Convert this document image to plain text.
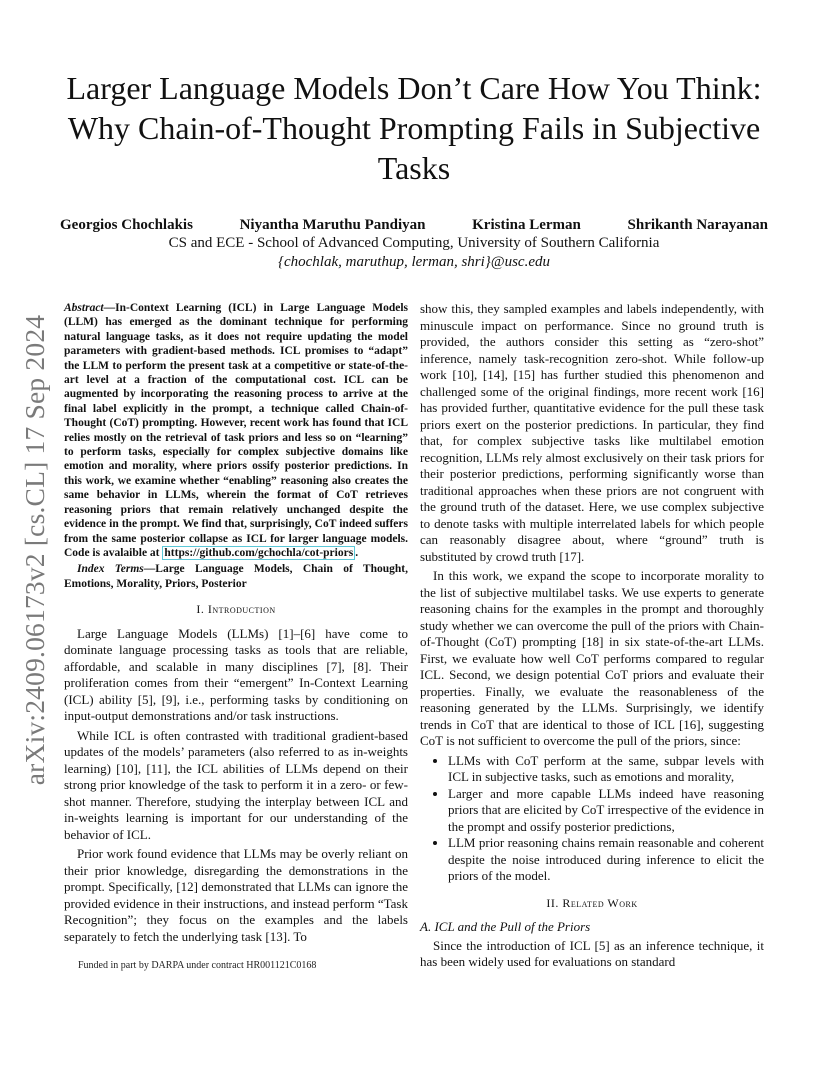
arXiv:2409.06173v2 [cs.CL] 17 Sep 2024
Larger Language Models Don’t Care How You Think: Why Chain-of-Thought Prompting Fails in Subjective Tasks
Georgios Chochlakis	Niyantha Maruthu Pandiyan	Kristina Lerman	Shrikanth Narayanan
CS and ECE - School of Advanced Computing, University of Southern California
{chochlak, maruthup, lerman, shri}@usc.edu
Abstract—In-Context Learning (ICL) in Large Language Models (LLM) has emerged as the dominant technique for performing natural language tasks, as it does not require updating the model parameters with gradient-based methods. ICL promises to “adapt” the LLM to perform the present task at a competitive or state-of-the-art level at a fraction of the computational cost. ICL can be augmented by incorporating the reasoning process to arrive at the final label explicitly in the prompt, a technique called Chain-of-Thought (CoT) prompting. However, recent work has found that ICL relies mostly on the retrieval of task priors and less so on “learning” to perform tasks, especially for complex subjective domains like emotion and morality, where priors ossify posterior predictions. In this work, we examine whether “enabling” reasoning also creates the same behavior in LLMs, wherein the format of CoT retrieves reasoning priors that remain relatively unchanged despite the evidence in the prompt. We find that, surprisingly, CoT indeed suffers from the same posterior collapse as ICL for larger language models. Code is avalaible at https://github.com/gchochla/cot-priors .
Index Terms—Large Language Models, Chain of Thought, Emotions, Morality, Priors, Posterior
I. Introduction

Large Language Models (LLMs) [1]–[6] have come to dominate language processing tasks as tools that are reliable, affordable, and scalable in many disciplines [7], [8]. Their proliferation comes from their “emergent” In-Context Learning (ICL) ability [5], [9], i.e., performing tasks by conditioning on input-output demonstrations and/or task instructions.

While ICL is often contrasted with traditional gradient-based updates of the models’ parameters (also referred to as in-weights learning) [10], [11], the ICL abilities of LLMs depend on their strong prior knowledge of the task to perform it in a zero- or few-shot manner. Therefore, studying the interplay between ICL and in-weights learning is important for our understanding of the behavior of ICL.

Prior work found evidence that LLMs may be overly reliant on their prior knowledge, disregarding the demonstrations in the prompt. Specifically, [12] demonstrated that LLMs can ignore the provided evidence in their instructions, and instead perform “Task Recognition”; they focus on the examples and the labels separately to fetch the underlying task [13]. To

show this, they sampled examples and labels independently, with minuscule impact on performance. Since no ground truth is provided, the authors consider this setting as “zero-shot” inference, namely task-recognition zero-shot. While follow-up work [10], [14], [15] has further studied this phenomenon and challenged some of the original findings, more recent work [16] has provided further, quantitative evidence for the pull these task priors exert on the posterior predictions. In particular, they find that, for complex subjective tasks like multilabel emotion recognition, LLMs rely almost exclusively on their task priors for their posterior predictions, performing significantly worse than traditional approaches when these priors are not congruent with the ground truth of the dataset. Here, we use complex subjective to denote tasks with multiple interrelated labels for which people can reasonably disagree about, where “ground” truth is substituted by crowd truth [17].

In this work, we expand the scope to incorporate morality to the list of subjective multilabel tasks. We use experts to generate reasoning chains for the examples in the prompt and thoroughly study whether we can overcome the pull of the priors with Chain-of-Thought (CoT) prompting [18] in six state-of-the-art LLMs. First, we evaluate how well CoT performs compared to regular ICL. Second, we design potential CoT priors and evaluate their properties. Finally, we evaluate the reasonableness of the reasoning generated by the LLMs. Surprisingly, we identify trends in CoT that are identical to those of ICL [16], suggesting CoT is not sufficient to overcome the pull of the priors, since:

• LLMs with CoT perform at the same, subpar levels with ICL in subjective tasks, such as emotions and morality,
• Larger and more capable LLMs indeed have reasoning priors that are elicited by CoT irrespective of the evidence in the prompt and ossify posterior predictions,
• LLM prior reasoning chains remain reasonable and coherent despite the noise introduced during inference to elicit the priors of the model.
II. Related Work
A. ICL and the Pull of the Priors

Since the introduction of ICL [5] as an inference technique, it has been widely used for evaluations on standard

Funded in part by DARPA under contract HR001121C0168
